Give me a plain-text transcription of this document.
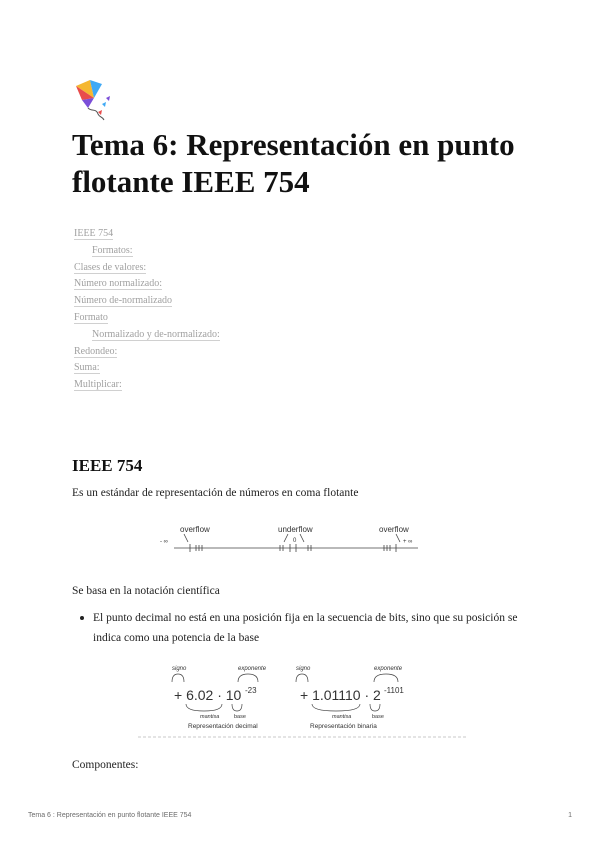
Tema 6: Representación en punto flotante IEEE 754
IEEE 754
Formatos:
Clases de valores:
Número normalizado:
Número de-normalizado
Formato
Normalizado y de-normalizado:
Redondeo:
Suma:
Multiplicar:
IEEE 754
Es un estándar de representación de números en coma flotante
- ∞
overflow	underflow	overflow
0	+ ∞
Se basa en la notación científica
El punto decimal no está en una posición fija en la secuencia de bits, sino que su posición se indica como una potencia de la base
signo	exponente
+ 6.02 · 10 -23
mantisa	base
Representación decimal
signo	exponente
+ 1.01110 · 2 -1101
mantisa	base
Representación binaria
Componentes:
Tema 6 : Representación en punto flotante IEEE 754	1
